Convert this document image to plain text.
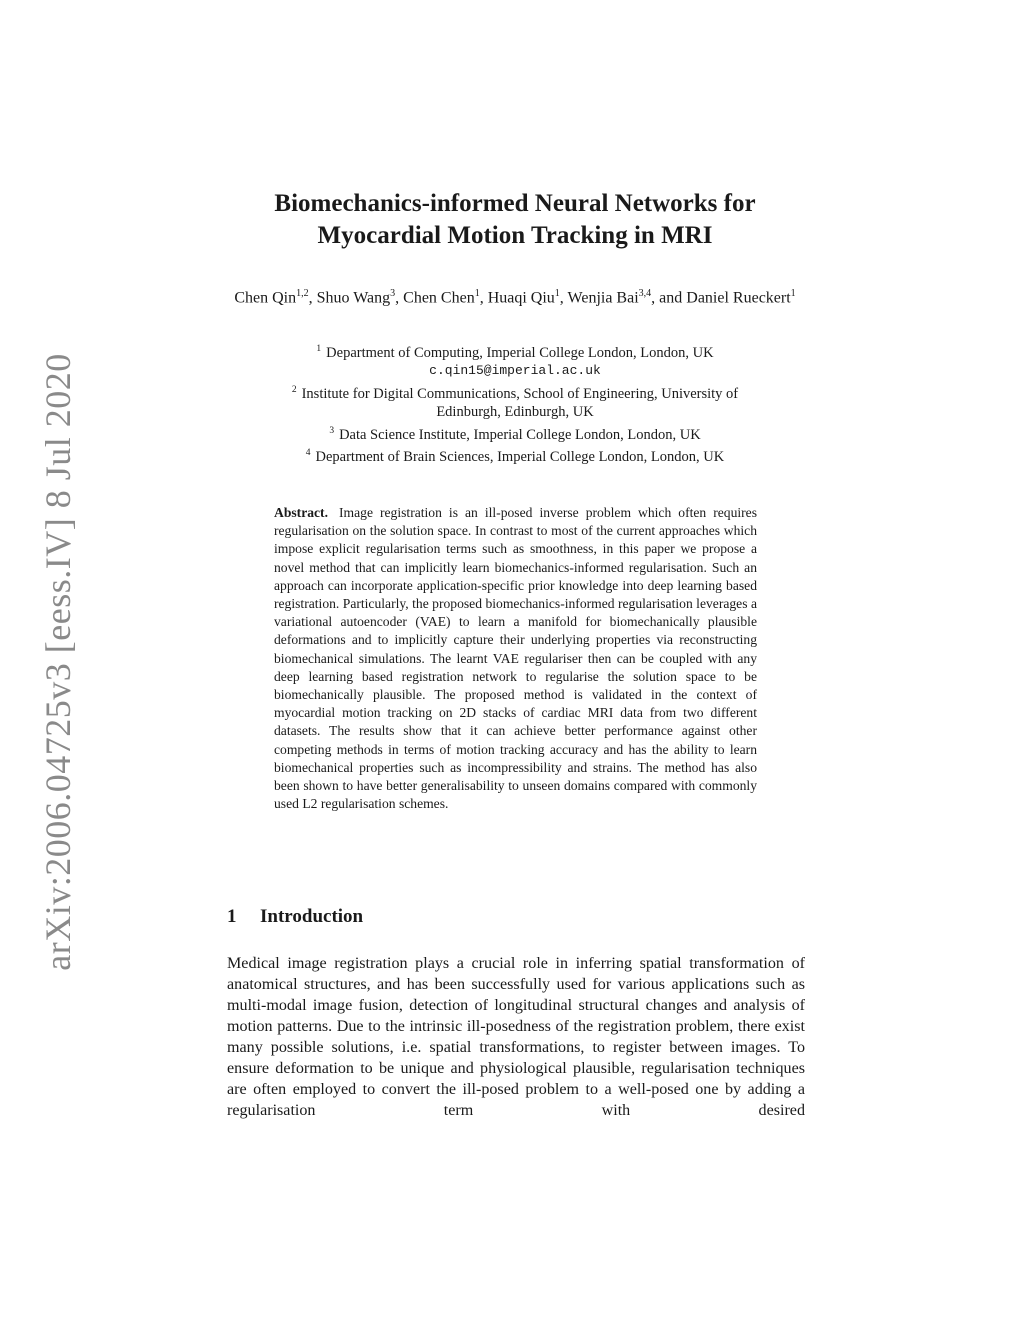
arXiv:2006.04725v3 [eess.IV] 8 Jul 2020
Biomechanics-informed Neural Networks for
Myocardial Motion Tracking in MRI
Chen Qin$^{1,2}$, Shuo Wang$^3$, Chen Chen$^1$, Huaqi Qiu$^1$, Wenjia Bai$^{3,4}$, and Daniel Rueckert$^1$
$^1$ Department of Computing, Imperial College London, London, UK
c.qin15@imperial.ac.uk
$^2$ Institute for Digital Communications, School of Engineering, University of
Edinburgh, Edinburgh, UK
$^3$ Data Science Institute, Imperial College London, London, UK
$^4$ Department of Brain Sciences, Imperial College London, London, UK
Abstract. Image registration is an ill-posed inverse problem which often requires regularisation on the solution space. In contrast to most of the current approaches which impose explicit regularisation terms such as smoothness, in this paper we propose a novel method that can implicitly learn biomechanics-informed regularisation. Such an approach can incorporate application-specific prior knowledge into deep learning based registration. Particularly, the proposed biomechanics-informed regularisation leverages a variational autoencoder (VAE) to learn a manifold for biomechanically plausible deformations and to implicitly capture their underlying properties via reconstructing biomechanical simulations. The learnt VAE regulariser then can be coupled with any deep learning based registration network to regularise the solution space to be biomechanically plausible. The proposed method is validated in the context of myocardial motion tracking on 2D stacks of cardiac MRI data from two different datasets. The results show that it can achieve better performance against other competing methods in terms of motion tracking accuracy and has the ability to learn biomechanical properties such as incompressibility and strains. The method has also been shown to have better generalisability to unseen domains compared with commonly used L2 regularisation schemes.
1 Introduction
Medical image registration plays a crucial role in inferring spatial transformation of anatomical structures, and has been successfully used for various applications such as multi-modal image fusion, detection of longitudinal structural changes and analysis of motion patterns. Due to the intrinsic ill-posedness of the registration problem, there exist many possible solutions, i.e. spatial transformations, to register between images. To ensure deformation to be unique and physiological plausible, regularisation techniques are often employed to convert the ill-posed problem to a well-posed one by adding a regularisation term with desired
